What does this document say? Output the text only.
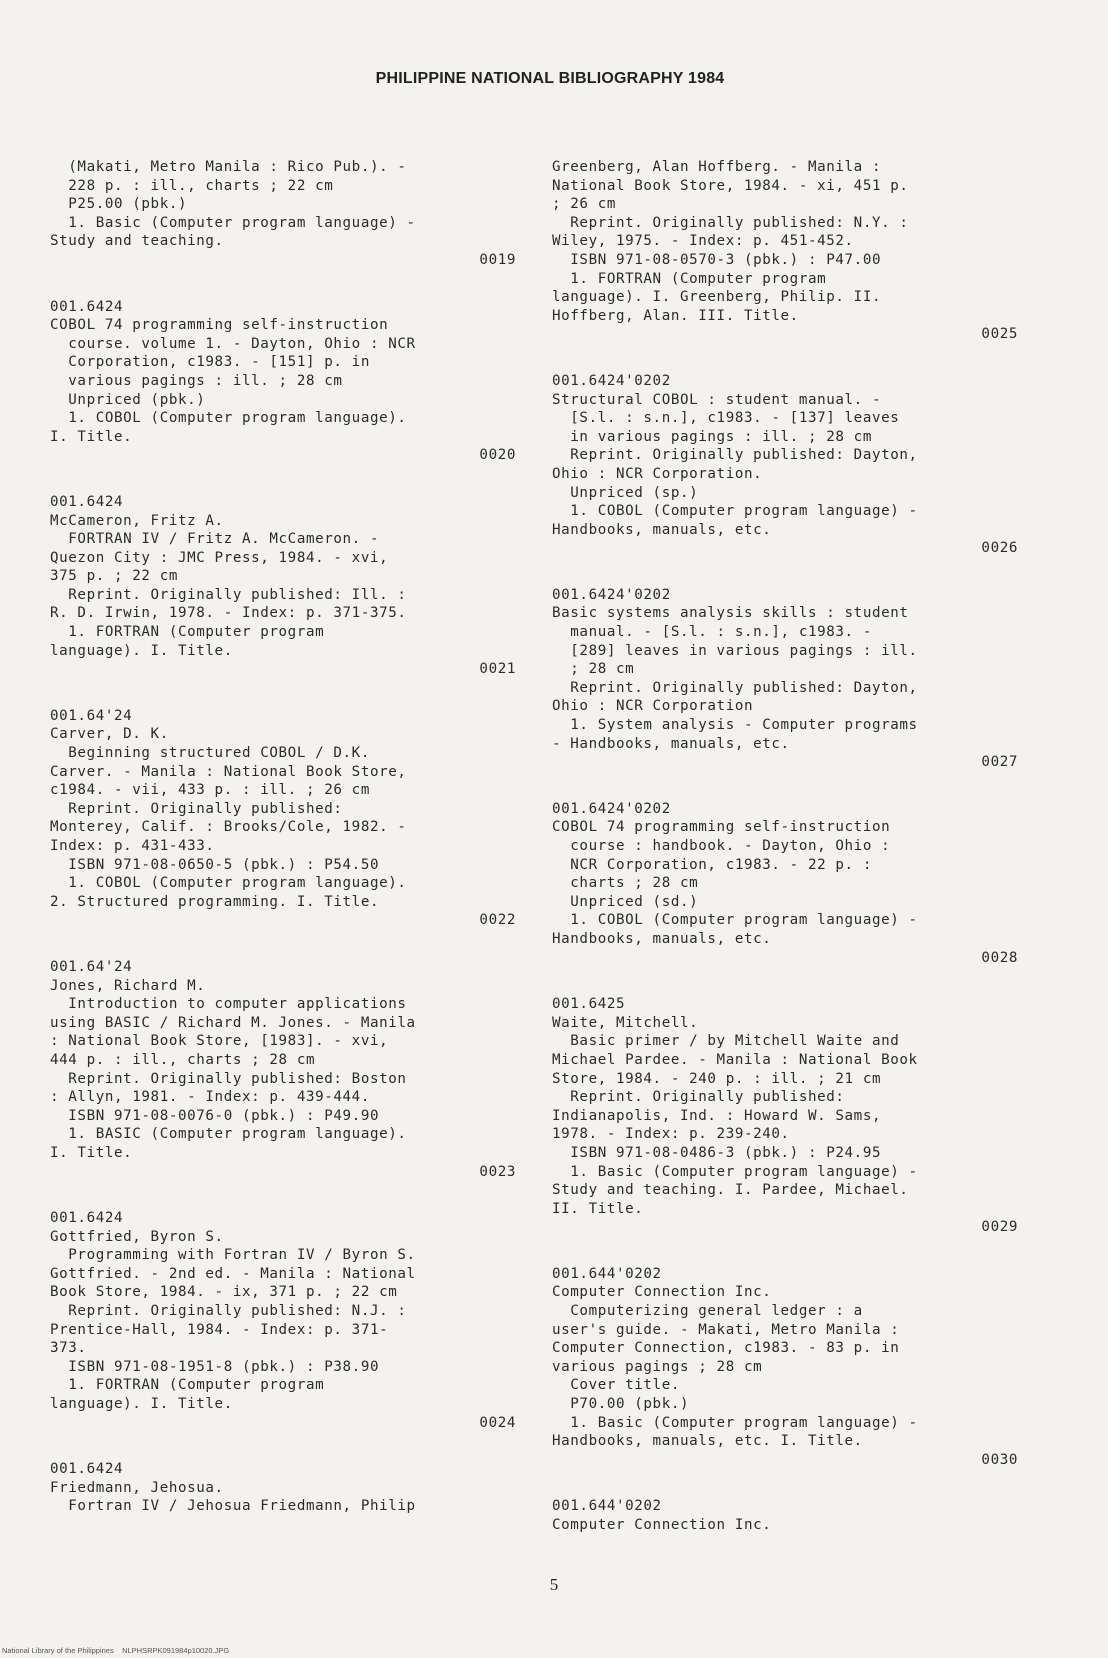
PHILIPPINE NATIONAL BIBLIOGRAPHY 1984
(Makati, Metro Manila : Rico Pub.). -
228 p. : ill., charts ; 22 cm
P25.00 (pbk.)
1. Basic (Computer program language) -
Study and teaching.
0019
001.6424
COBOL 74 programming self-instruction
course. volume 1. - Dayton, Ohio : NCR
Corporation, c1983. - [151] p. in
various pagings : ill. ; 28 cm
Unpriced (pbk.)
1. COBOL (Computer program language).
I. Title.
0020
001.6424
McCameron, Fritz A.
FORTRAN IV / Fritz A. McCameron. -
Quezon City : JMC Press, 1984. - xvi,
375 p. ; 22 cm
Reprint. Originally published: Ill. :
R. D. Irwin, 1978. - Index: p. 371-375.
1. FORTRAN (Computer program
language). I. Title.
0021
001.64'24
Carver, D. K.
Beginning structured COBOL / D.K.
Carver. - Manila : National Book Store,
c1984. - vii, 433 p. : ill. ; 26 cm
Reprint. Originally published:
Monterey, Calif. : Brooks/Cole, 1982. -
Index: p. 431-433.
ISBN 971-08-0650-5 (pbk.) : P54.50
1. COBOL (Computer program language).
2. Structured programming. I. Title.
0022
001.64'24
Jones, Richard M.
Introduction to computer applications
using BASIC / Richard M. Jones. - Manila
: National Book Store, [1983]. - xvi,
444 p. : ill., charts ; 28 cm
Reprint. Originally published: Boston
: Allyn, 1981. - Index: p. 439-444.
ISBN 971-08-0076-0 (pbk.) : P49.90
1. BASIC (Computer program language).
I. Title.
0023
001.6424
Gottfried, Byron S.
Programming with Fortran IV / Byron S.
Gottfried. - 2nd ed. - Manila : National
Book Store, 1984. - ix, 371 p. ; 22 cm
Reprint. Originally published: N.J. :
Prentice-Hall, 1984. - Index: p. 371-
373.
ISBN 971-08-1951-8 (pbk.) : P38.90
1. FORTRAN (Computer program
language). I. Title.
0024
001.6424
Friedmann, Jehosua.
Fortran IV / Jehosua Friedmann, Philip
Greenberg, Alan Hoffberg. - Manila :
National Book Store, 1984. - xi, 451 p.
; 26 cm
Reprint. Originally published: N.Y. :
Wiley, 1975. - Index: p. 451-452.
ISBN 971-08-0570-3 (pbk.) : P47.00
1. FORTRAN (Computer program
language). I. Greenberg, Philip. II.
Hoffberg, Alan. III. Title.
0025
001.6424'0202
Structural COBOL : student manual. -
[S.l. : s.n.], c1983. - [137] leaves
in various pagings : ill. ; 28 cm
Reprint. Originally published: Dayton,
Ohio : NCR Corporation.
Unpriced (sp.)
1. COBOL (Computer program language) -
Handbooks, manuals, etc.
0026
001.6424'0202
Basic systems analysis skills : student
manual. - [S.l. : s.n.], c1983. -
[289] leaves in various pagings : ill.
; 28 cm
Reprint. Originally published: Dayton,
Ohio : NCR Corporation
1. System analysis - Computer programs
- Handbooks, manuals, etc.
0027
001.6424'0202
COBOL 74 programming self-instruction
course : handbook. - Dayton, Ohio :
NCR Corporation, c1983. - 22 p. :
charts ; 28 cm
Unpriced (sd.)
1. COBOL (Computer program language) -
Handbooks, manuals, etc.
0028
001.6425
Waite, Mitchell.
Basic primer / by Mitchell Waite and
Michael Pardee. - Manila : National Book
Store, 1984. - 240 p. : ill. ; 21 cm
Reprint. Originally published:
Indianapolis, Ind. : Howard W. Sams,
1978. - Index: p. 239-240.
ISBN 971-08-0486-3 (pbk.) : P24.95
1. Basic (Computer program language) -
Study and teaching. I. Pardee, Michael.
II. Title.
0029
001.644'0202
Computer Connection Inc.
Computerizing general ledger : a
user's guide. - Makati, Metro Manila :
Computer Connection, c1983. - 83 p. in
various pagings ; 28 cm
Cover title.
P70.00 (pbk.)
1. Basic (Computer program language) -
Handbooks, manuals, etc. I. Title.
0030
001.644'0202
Computer Connection Inc.
5
National Library of the Philippines    NLPHSRPK091984p10020.JPG
